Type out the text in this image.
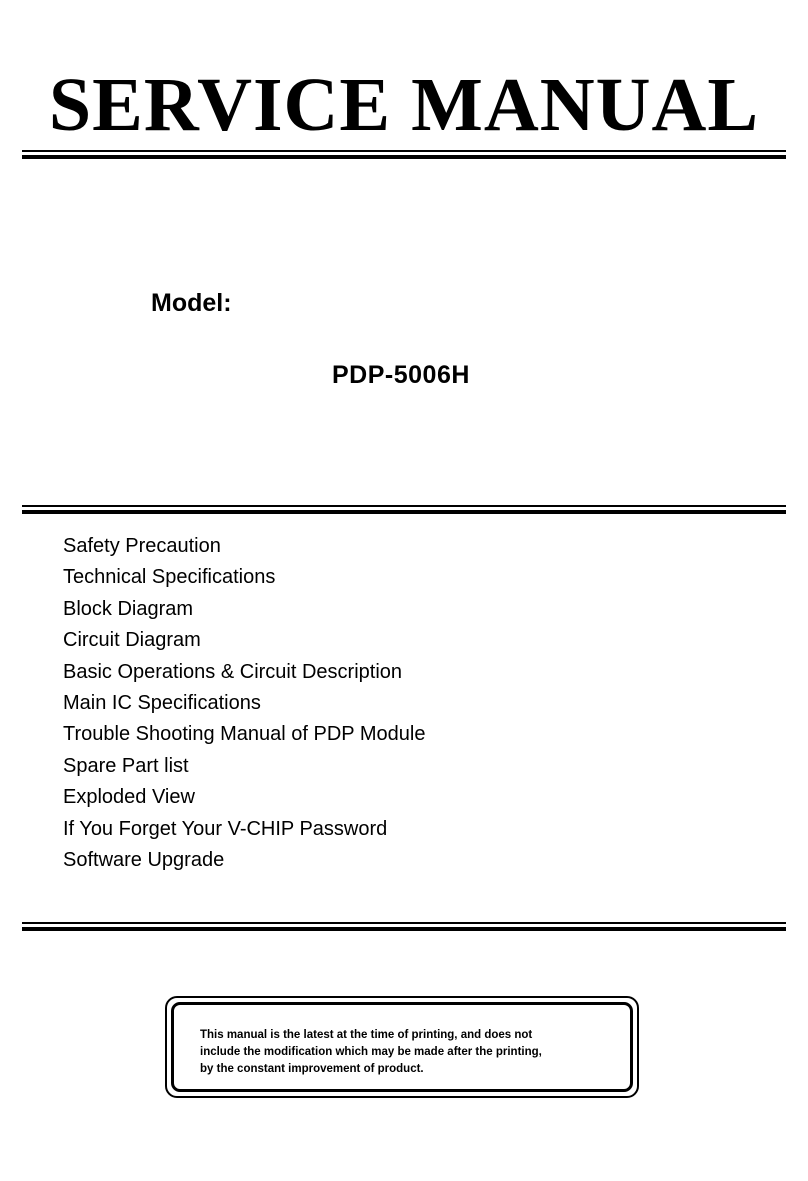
SERVICE MANUAL
Model:
PDP-5006H
Safety Precaution
Technical Specifications
Block Diagram
Circuit Diagram
Basic Operations & Circuit Description
Main IC Specifications
Trouble Shooting Manual of PDP Module
Spare Part list
Exploded View
If You Forget Your V-CHIP Password
Software Upgrade
This manual is the latest at the time of printing, and does not
include the modification which may be made after the printing,
by the constant improvement of product.
